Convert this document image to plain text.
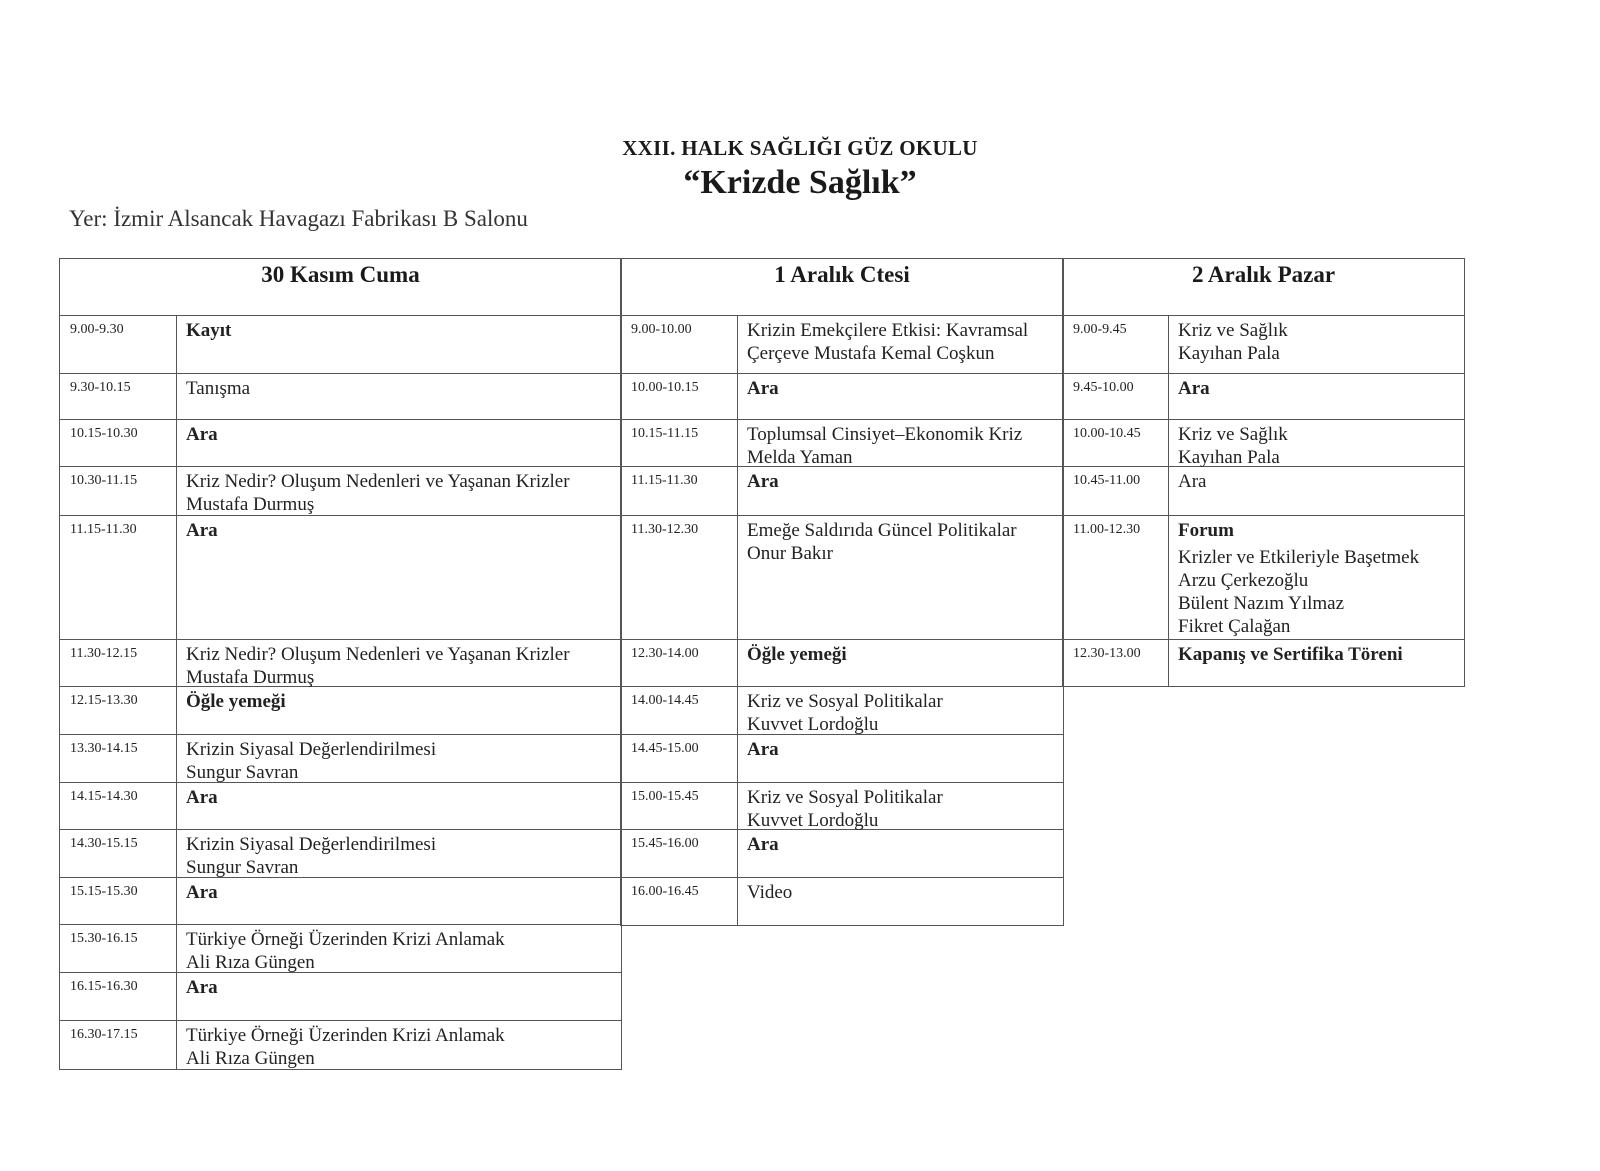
XXII. HALK SAĞLIĞI GÜZ OKULU
“Krizde Sağlık”
Yer: İzmir Alsancak Havagazı Fabrikası B Salonu
30 Kasım Cuma
9.00-9.30	Kayıt
9.30-10.15	Tanışma
10.15-10.30	Ara
10.30-11.15	Kriz Nedir? Oluşum Nedenleri ve Yaşanan Krizler
Mustafa Durmuş
11.15-11.30	Ara
11.30-12.15	Kriz Nedir? Oluşum Nedenleri ve Yaşanan Krizler
Mustafa Durmuş
12.15-13.30	Öğle yemeği
13.30-14.15	Krizin Siyasal Değerlendirilmesi
Sungur Savran
14.15-14.30	Ara
14.30-15.15	Krizin Siyasal Değerlendirilmesi
Sungur Savran
15.15-15.30	Ara
15.30-16.15	Türkiye Örneği Üzerinden Krizi Anlamak
Ali Rıza Güngen
16.15-16.30	Ara
16.30-17.15	Türkiye Örneği Üzerinden Krizi Anlamak
Ali Rıza Güngen
1 Aralık Ctesi
9.00-10.00	Krizin Emekçilere Etkisi: Kavramsal
Çerçeve Mustafa Kemal Coşkun
10.00-10.15	Ara
10.15-11.15	Toplumsal Cinsiyet–Ekonomik Kriz
Melda Yaman
11.15-11.30	Ara
11.30-12.30	Emeğe Saldırıda Güncel Politikalar
Onur Bakır
12.30-14.00	Öğle yemeği
14.00-14.45	Kriz ve Sosyal Politikalar
Kuvvet Lordoğlu
14.45-15.00	Ara
15.00-15.45	Kriz ve Sosyal Politikalar
Kuvvet Lordoğlu
15.45-16.00	Ara
16.00-16.45	Video
2 Aralık Pazar
9.00-9.45	Kriz ve Sağlık
Kayıhan Pala
9.45-10.00	Ara
10.00-10.45	Kriz ve Sağlık
Kayıhan Pala
10.45-11.00	Ara
11.00-12.30	Forum
Krizler ve Etkileriyle Başetmek
Arzu Çerkezoğlu
Bülent Nazım Yılmaz
Fikret Çalağan
12.30-13.00	Kapanış ve Sertifika Töreni
